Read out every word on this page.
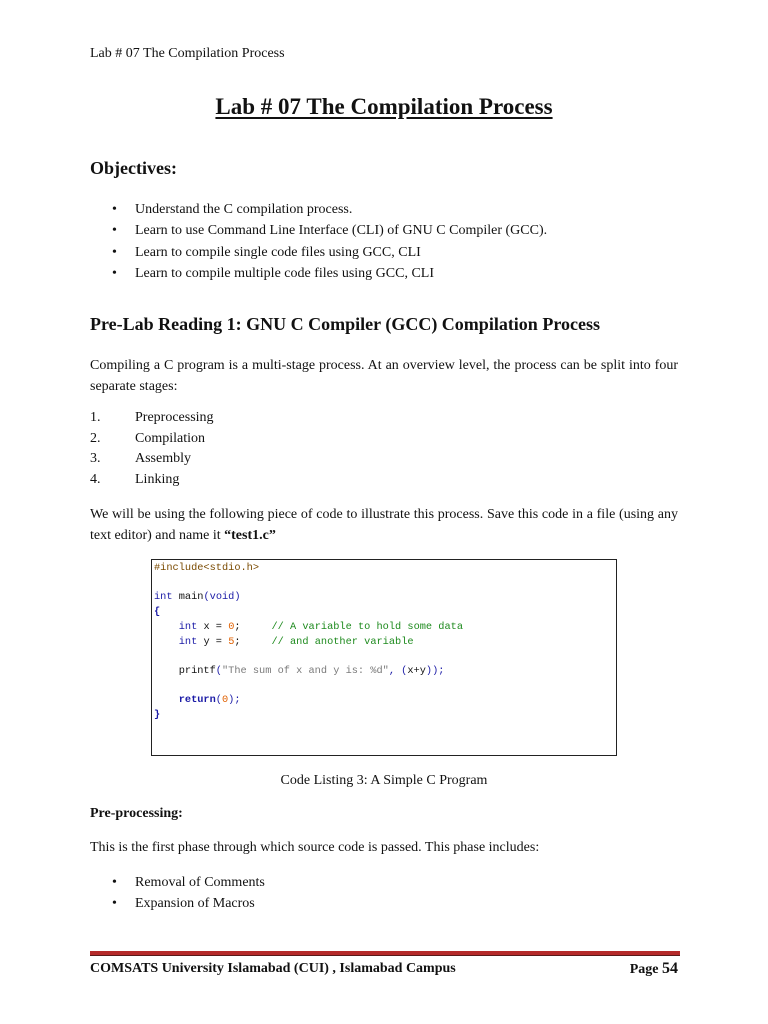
Lab # 07 The Compilation Process
Lab # 07 The Compilation Process
Objectives:
• Understand the C compilation process.
• Learn to use Command Line Interface (CLI) of GNU C Compiler (GCC).
• Learn to compile single code files using GCC, CLI
• Learn to compile multiple code files using GCC, CLI
Pre-Lab Reading 1: GNU C Compiler (GCC) Compilation Process
Compiling a C program is a multi-stage process. At an overview level, the process can be split into four separate stages:
1. Preprocessing
2. Compilation
3. Assembly
4. Linking
We will be using the following piece of code to illustrate this process. Save this code in a file (using any text editor) and name it “test1.c”
#include<stdio.h>

int main(void)
{
int x = 0;     // A variable to hold some data
int y = 5;     // and another variable

printf("The sum of x and y is: %d", (x+y));

return(0);
}
Code Listing 3: A Simple C Program
Pre-processing:
This is the first phase through which source code is passed. This phase includes:
• Removal of Comments
• Expansion of Macros
COMSATS University Islamabad (CUI) , Islamabad Campus	Page 54
